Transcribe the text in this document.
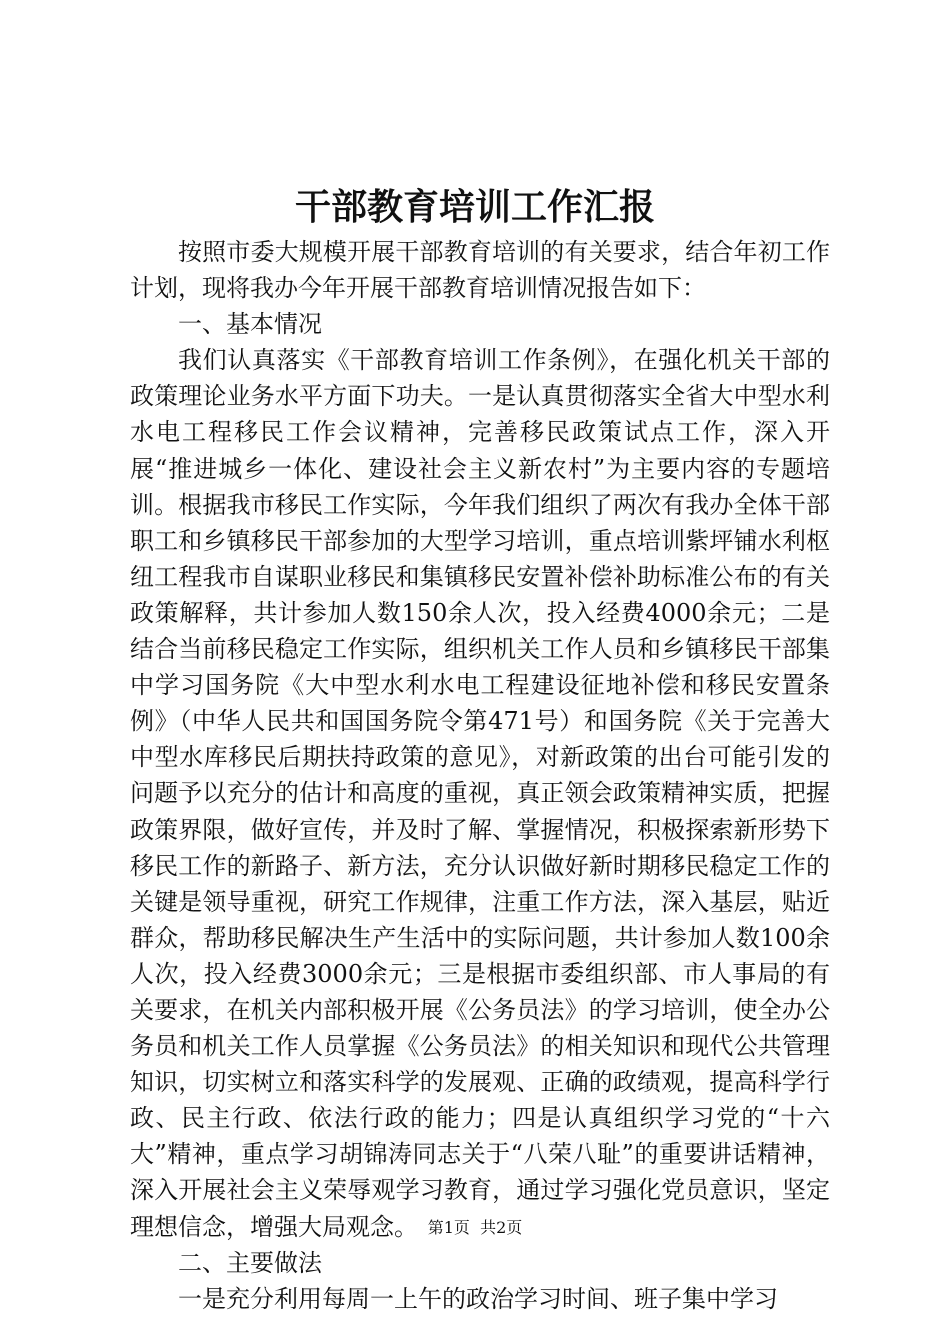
干部教育培训工作汇报

按照市委大规模开展干部教育培训的有关要求，结合年初工作计划，现将我办今年开展干部教育培训情况报告如下：

一、基本情况

我们认真落实《干部教育培训工作条例》，在强化机关干部的政策理论业务水平方面下功夫。一是认真贯彻落实全省大中型水利水电工程移民工作会议精神，完善移民政策试点工作，深入开展“推进城乡一体化、建设社会主义新农村”为主要内容的专题培训。根据我市移民工作实际，今年我们组织了两次有我办全体干部职工和乡镇移民干部参加的大型学习培训，重点培训紫坪铺水利枢纽工程我市自谋职业移民和集镇移民安置补偿补助标准公布的有关政策解释，共计参加人数150余人次，投入经费4000余元；二是结合当前移民稳定工作实际，组织机关工作人员和乡镇移民干部集中学习国务院《大中型水利水电工程建设征地补偿和移民安置条例》（中华人民共和国国务院令第471号）和国务院《关于完善大中型水库移民后期扶持政策的意见》，对新政策的出台可能引发的问题予以充分的估计和高度的重视，真正领会政策精神实质，把握政策界限，做好宣传，并及时了解、掌握情况，积极探索新形势下移民工作的新路子、新方法，充分认识做好新时期移民稳定工作的关键是领导重视，研究工作规律，注重工作方法，深入基层，贴近群众，帮助移民解决生产生活中的实际问题，共计参加人数100余人次，投入经费3000余元；三是根据市委组织部、市人事局的有关要求，在机关内部积极开展《公务员法》的学习培训，使全办公务员和机关工作人员掌握《公务员法》的相关知识和现代公共管理知识，切实树立和落实科学的发展观、正确的政绩观，提高科学行政、民主行政、依法行政的能力；四是认真组织学习党的“十六大”精神，重点学习胡锦涛同志关于“八荣八耻”的重要讲话精神，深入开展社会主义荣辱观学习教育，通过学习强化党员意识，坚定理想信念，增强大局观念。

二、主要做法

一是充分利用每周一上午的政治学习时间、班子集中学习

第1页  共2页
